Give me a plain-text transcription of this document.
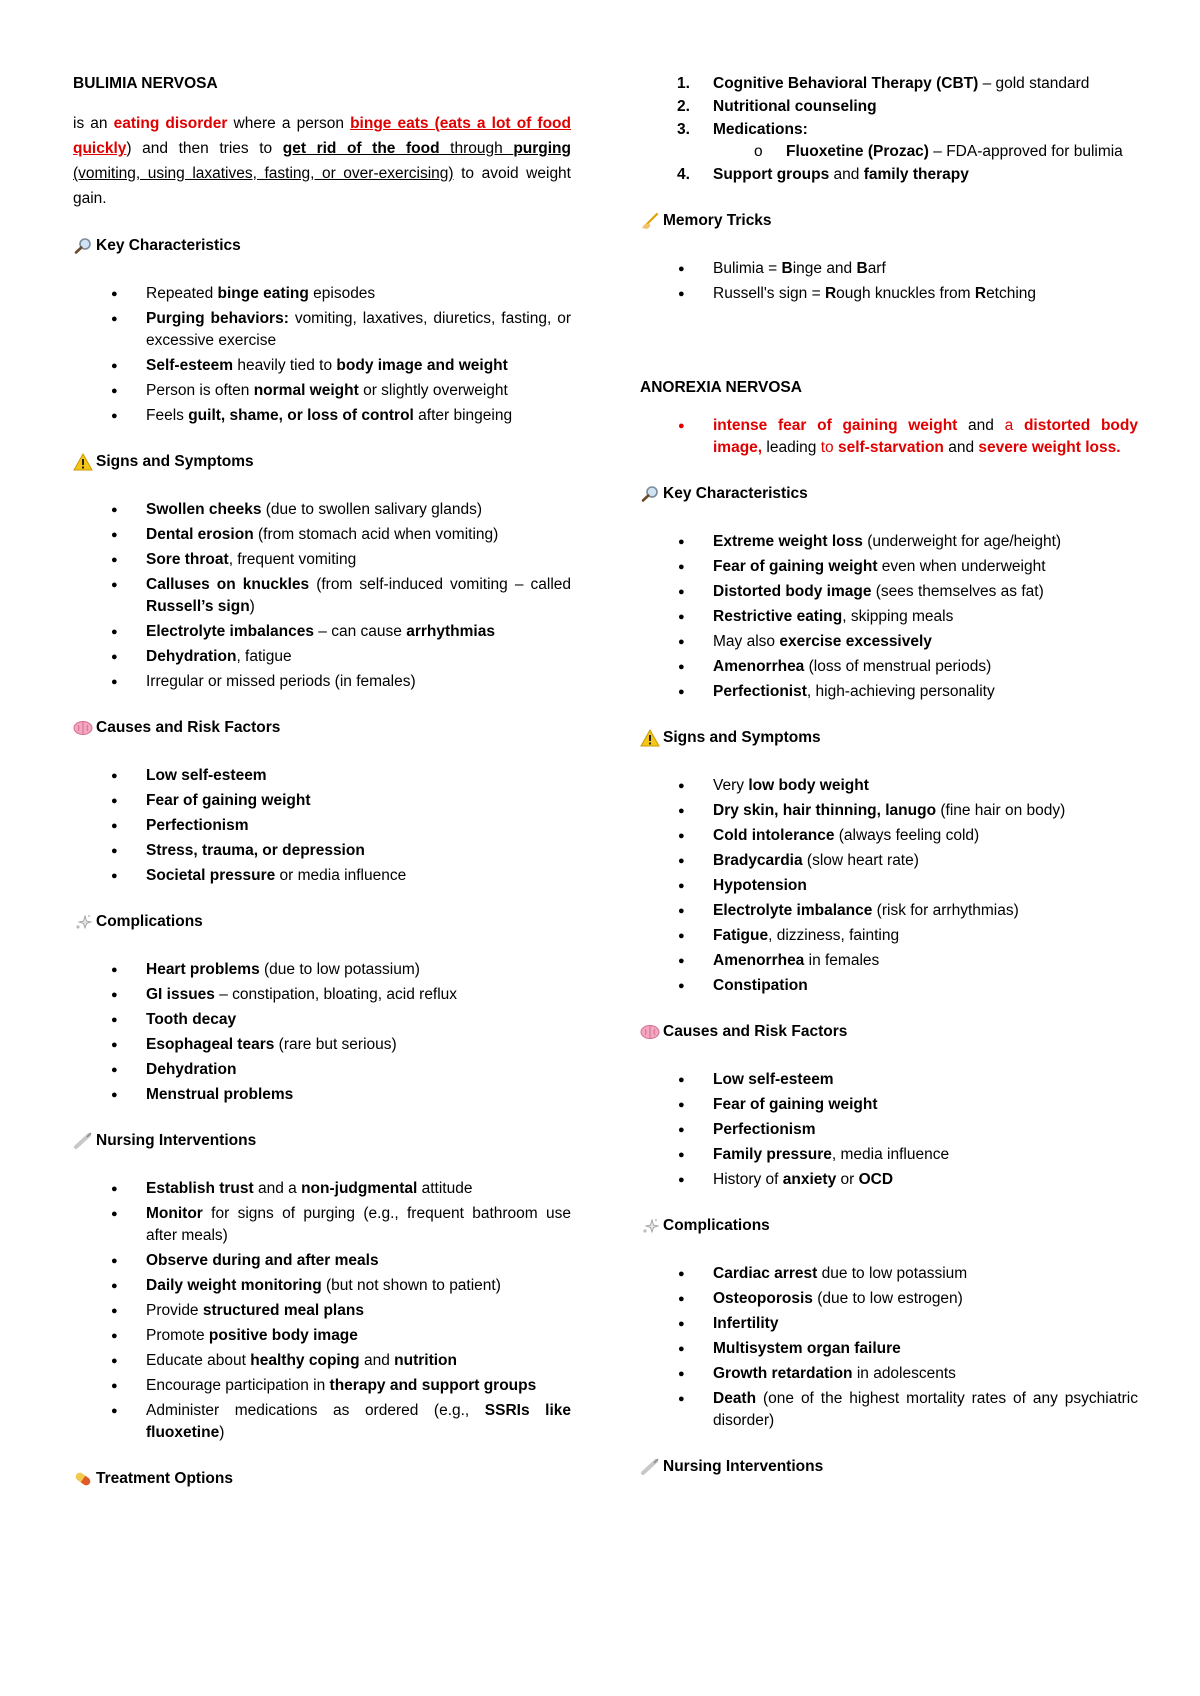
BULIMIA NERVOSA

is an eating disorder where a person binge eats (eats a lot of food quickly) and then tries to get rid of the food through purging (vomiting, using laxatives, fasting, or over-exercising) to avoid weight gain.

Key Characteristics
● Repeated binge eating episodes
● Purging behaviors: vomiting, laxatives, diuretics, fasting, or excessive exercise
● Self-esteem heavily tied to body image and weight
● Person is often normal weight or slightly overweight
● Feels guilt, shame, or loss of control after bingeing
Signs and Symptoms
● Swollen cheeks (due to swollen salivary glands)
● Dental erosion (from stomach acid when vomiting)
● Sore throat, frequent vomiting
● Calluses on knuckles (from self-induced vomiting – called Russell’s sign)
● Electrolyte imbalances – can cause arrhythmias
● Dehydration, fatigue
● Irregular or missed periods (in females)
Causes and Risk Factors
● Low self-esteem
● Fear of gaining weight
● Perfectionism
● Stress, trauma, or depression
● Societal pressure or media influence
Complications
● Heart problems (due to low potassium)
● GI issues – constipation, bloating, acid reflux
● Tooth decay
● Esophageal tears (rare but serious)
● Dehydration
● Menstrual problems
Nursing Interventions
● Establish trust and a non-judgmental attitude
● Monitor for signs of purging (e.g., frequent bathroom use after meals)
● Observe during and after meals
● Daily weight monitoring (but not shown to patient)
● Provide structured meal plans
● Promote positive body image
● Educate about healthy coping and nutrition
● Encourage participation in therapy and support groups
● Administer medications as ordered (e.g., SSRIs like fluoxetine)
Treatment Options
1. Cognitive Behavioral Therapy (CBT) – gold standard
2. Nutritional counseling
3. Medications:
o Fluoxetine (Prozac) – FDA-approved for bulimia
4. Support groups and family therapy
Memory Tricks
● Bulimia = Binge and Barf
● Russell's sign = Rough knuckles from Retching
ANOREXIA NERVOSA
● intense fear of gaining weight and a distorted body image, leading to self-starvation and severe weight loss.
Key Characteristics
● Extreme weight loss (underweight for age/height)
● Fear of gaining weight even when underweight
● Distorted body image (sees themselves as fat)
● Restrictive eating, skipping meals
● May also exercise excessively
● Amenorrhea (loss of menstrual periods)
● Perfectionist, high-achieving personality
Signs and Symptoms
● Very low body weight
● Dry skin, hair thinning, lanugo (fine hair on body)
● Cold intolerance (always feeling cold)
● Bradycardia (slow heart rate)
● Hypotension
● Electrolyte imbalance (risk for arrhythmias)
● Fatigue, dizziness, fainting
● Amenorrhea in females
● Constipation
Causes and Risk Factors
● Low self-esteem
● Fear of gaining weight
● Perfectionism
● Family pressure, media influence
● History of anxiety or OCD
Complications
● Cardiac arrest due to low potassium
● Osteoporosis (due to low estrogen)
● Infertility
● Multisystem organ failure
● Growth retardation in adolescents
● Death (one of the highest mortality rates of any psychiatric disorder)
Nursing Interventions
